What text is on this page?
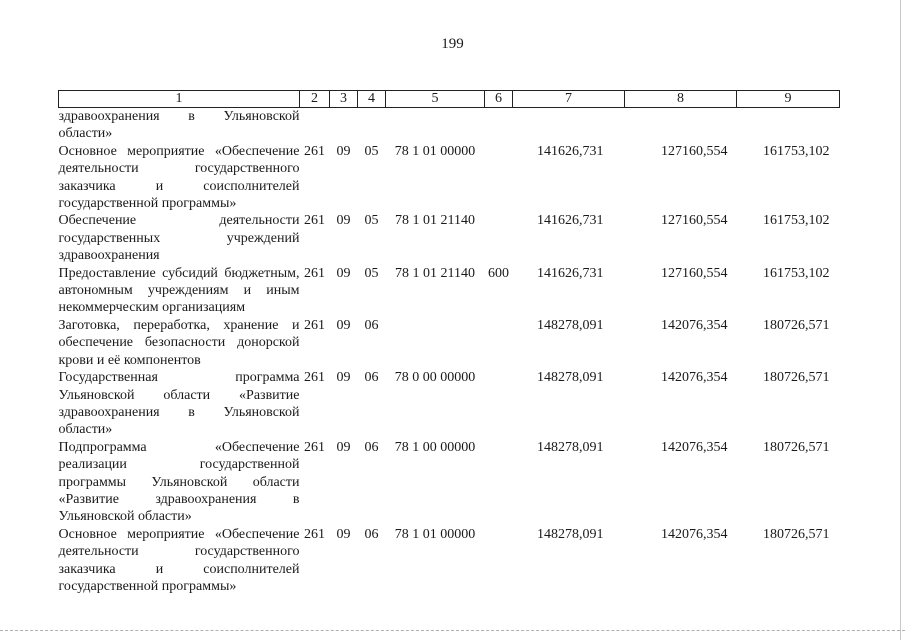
199
1	2	3	4	5	6	7	8	9
здравоохранения в Ульяновской области»								
Основное мероприятие «Обеспечение деятельности государственного заказчика и соисполнителей государственной программы»	261	09	05	78 1 01 00000		141626,731	127160,554	161753,102
Обеспечение деятельности государственных учреждений здравоохранения	261	09	05	78 1 01 21140		141626,731	127160,554	161753,102
Предоставление субсидий бюджетным, автономным учреждениям и иным некоммерческим организациям	261	09	05	78 1 01 21140	600	141626,731	127160,554	161753,102
Заготовка, переработка, хранение и обеспечение безопасности донорской крови и её компонентов	261	09	06			148278,091	142076,354	180726,571
Государственная программа Ульяновской области «Развитие здравоохранения в Ульяновской области»	261	09	06	78 0 00 00000		148278,091	142076,354	180726,571
Подпрограмма «Обеспечение реализации государственной программы Ульяновской области «Развитие здравоохранения в Ульяновской области»	261	09	06	78 1 00 00000		148278,091	142076,354	180726,571
Основное мероприятие «Обеспечение деятельности государственного заказчика и соисполнителей государственной программы»	261	09	06	78 1 01 00000		148278,091	142076,354	180726,571
